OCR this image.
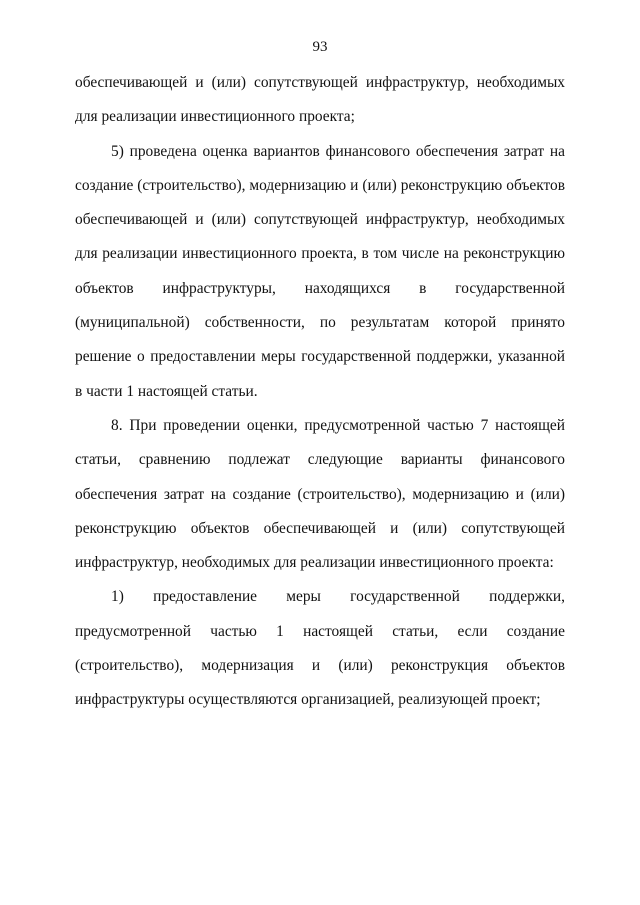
93

обеспечивающей и (или) сопутствующей инфраструктур, необходимых для реализации инвестиционного проекта;

5) проведена оценка вариантов финансового обеспечения затрат на создание (строительство), модернизацию и (или) реконструкцию объектов обеспечивающей и (или) сопутствующей инфраструктур, необходимых для реализации инвестиционного проекта, в том числе на реконструкцию объектов инфраструктуры, находящихся в государственной (муниципальной) собственности, по результатам которой принято решение о предоставлении меры государственной поддержки, указанной в части 1 настоящей статьи.

8. При проведении оценки, предусмотренной частью 7 настоящей статьи, сравнению подлежат следующие варианты финансового обеспечения затрат на создание (строительство), модернизацию и (или) реконструкцию объектов обеспечивающей и (или) сопутствующей инфраструктур, необходимых для реализации инвестиционного проекта:

1) предоставление меры государственной поддержки, предусмотренной частью 1 настоящей статьи, если создание (строительство), модернизация и (или) реконструкция объектов инфраструктуры осуществляются организацией, реализующей проект;
